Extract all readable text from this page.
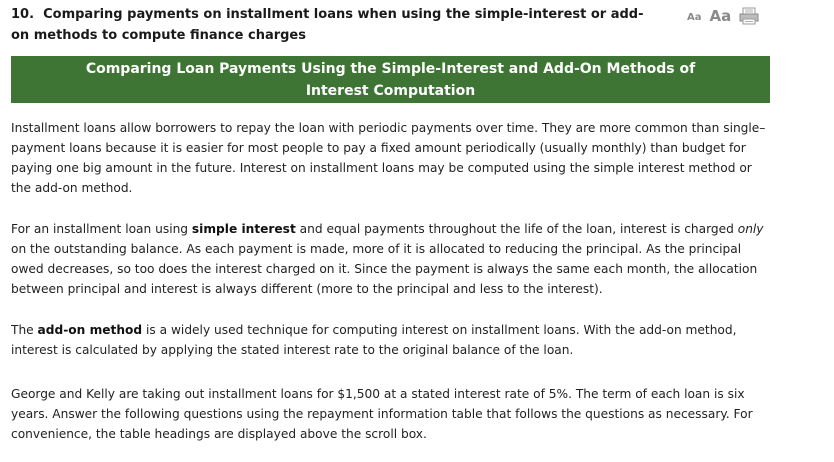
10. Comparing payments on installment loans when using the simple-interest or add-on methods to compute finance charges
Aa Aa
Comparing Loan Payments Using the Simple-Interest and Add-On Methods of Interest Computation

Installment loans allow borrowers to repay the loan with periodic payments over time. They are more common than single–payment loans because it is easier for most people to pay a fixed amount periodically (usually monthly) than budget for paying one big amount in the future. Interest on installment loans may be computed using the simple interest method or the add-on method.

For an installment loan using simple interest and equal payments throughout the life of the loan, interest is charged only on the outstanding balance. As each payment is made, more of it is allocated to reducing the principal. As the principal owed decreases, so too does the interest charged on it. Since the payment is always the same each month, the allocation between principal and interest is always different (more to the principal and less to the interest).

The add-on method is a widely used technique for computing interest on installment loans. With the add-on method, interest is calculated by applying the stated interest rate to the original balance of the loan.

George and Kelly are taking out installment loans for $1,500 at a stated interest rate of 5%. The term of each loan is six years. Answer the following questions using the repayment information table that follows the questions as necessary. For convenience, the table headings are displayed above the scroll box.
